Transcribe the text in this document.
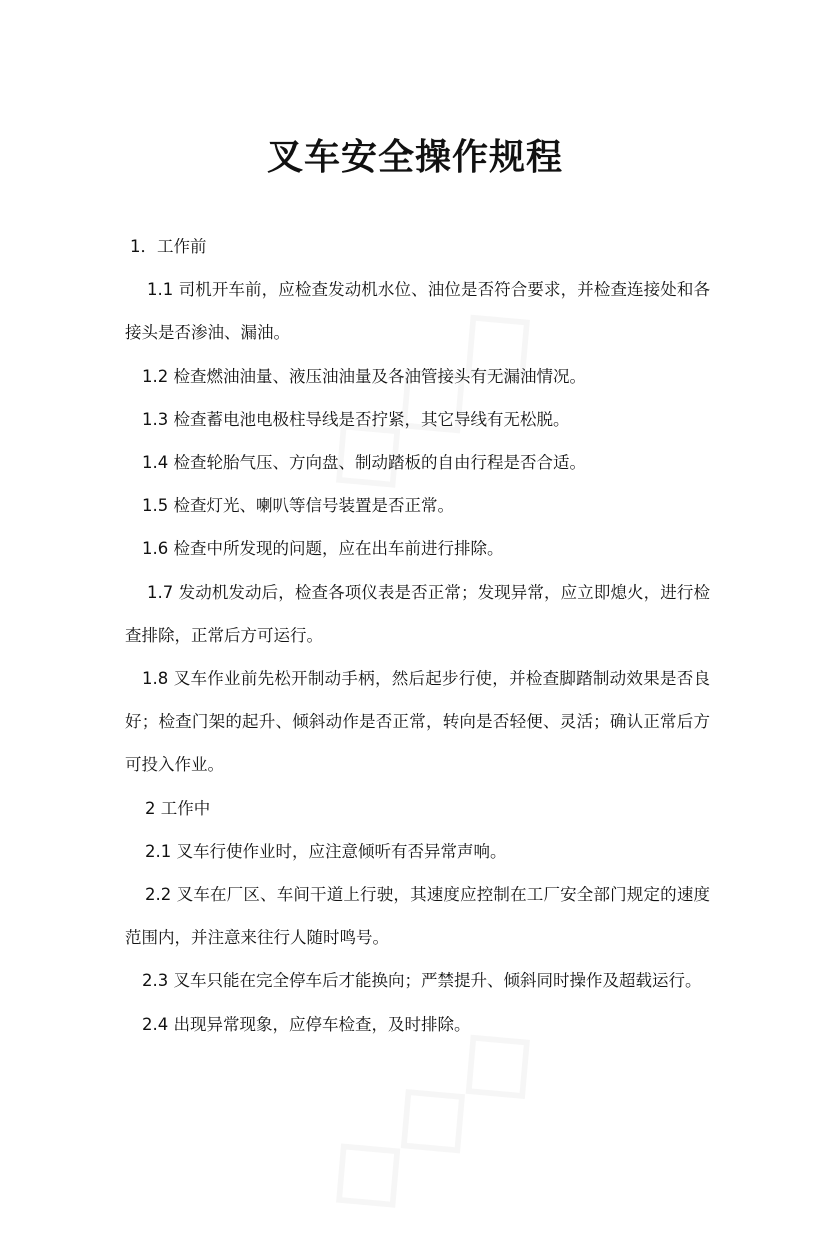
叉车安全操作规程

1．工作前

1.1 司机开车前，应检查发动机水位、油位是否符合要求，并检查连接处和各接头是否渗油、漏油。

1.2 检查燃油油量、液压油油量及各油管接头有无漏油情况。

1.3 检查蓄电池电极柱导线是否拧紧，其它导线有无松脱。

1.4 检查轮胎气压、方向盘、制动踏板的自由行程是否合适。

1.5 检查灯光、喇叭等信号装置是否正常。

1.6 检查中所发现的问题，应在出车前进行排除。

1.7 发动机发动后，检查各项仪表是否正常；发现异常，应立即熄火，进行检查排除，正常后方可运行。

1.8 叉车作业前先松开制动手柄，然后起步行使，并检查脚踏制动效果是否良好；检查门架的起升、倾斜动作是否正常，转向是否轻便、灵活；确认正常后方可投入作业。

2 工作中

2.1 叉车行使作业时，应注意倾听有否异常声响。

2.2 叉车在厂区、车间干道上行驶，其速度应控制在工厂安全部门规定的速度范围内，并注意来往行人随时鸣号。

2.3 叉车只能在完全停车后才能换向；严禁提升、倾斜同时操作及超载运行。

2.4 出现异常现象，应停车检查，及时排除。
